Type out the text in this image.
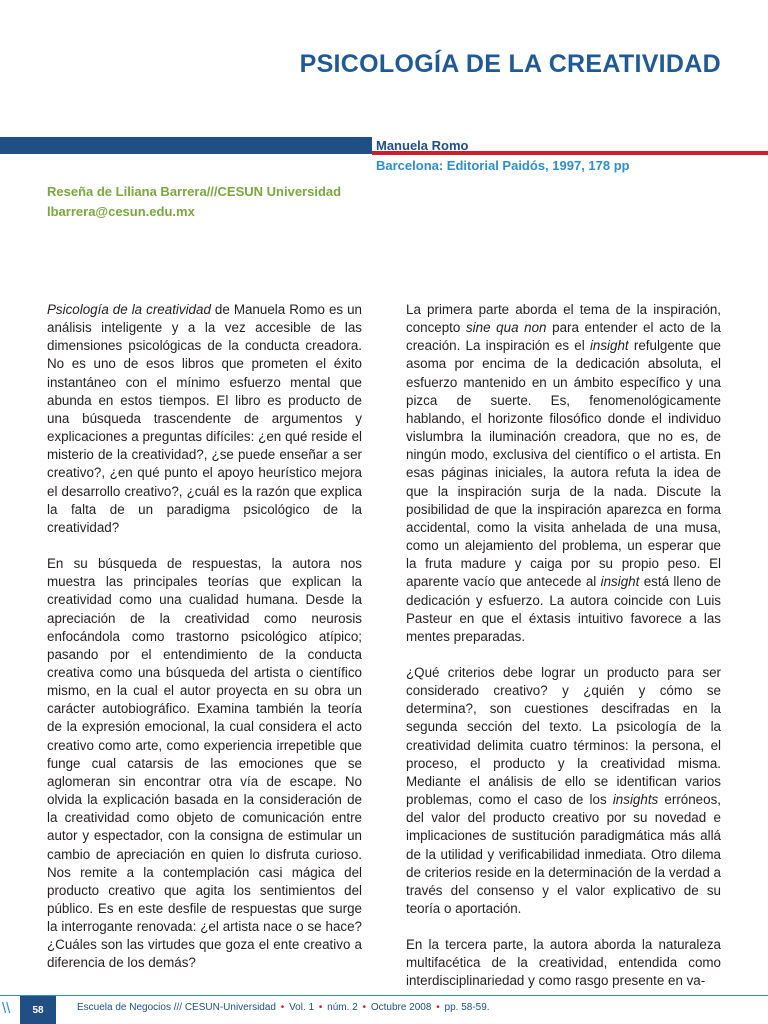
PSICOLOGÍA DE LA CREATIVIDAD

Manuela Romo

Barcelona: Editorial Paidós, 1997, 178 pp

Reseña de Liliana Barrera///CESUN Universidad
lbarrera@cesun.edu.mx

Psicología de la creatividad de Manuela Romo es un análisis inteligente y a la vez accesible de las dimensiones psicológicas de la conducta creadora. No es uno de esos libros que prometen el éxito instantáneo con el mínimo esfuerzo mental que abunda en estos tiempos. El libro es producto de una búsqueda trascendente de argumentos y explicaciones a preguntas difíciles: ¿en qué reside el misterio de la creatividad?, ¿se puede enseñar a ser creativo?, ¿en qué punto el apoyo heurístico mejora el desarrollo creativo?, ¿cuál es la razón que explica la falta de un paradigma psicológico de la creatividad?

En su búsqueda de respuestas, la autora nos muestra las principales teorías que explican la creatividad como una cualidad humana. Desde la apreciación de la creatividad como neurosis enfocándola como trastorno psicológico atípico; pasando por el entendimiento de la conducta creativa como una búsqueda del artista o científico mismo, en la cual el autor proyecta en su obra un carácter autobiográfico. Examina también la teoría de la expresión emocional, la cual considera el acto creativo como arte, como experiencia irrepetible que funge cual catarsis de las emociones que se aglomeran sin encontrar otra vía de escape. No olvida la explicación basada en la consideración de la creatividad como objeto de comunicación entre autor y espectador, con la consigna de estimular un cambio de apreciación en quien lo disfruta curioso. Nos remite a la contemplación casi mágica del producto creativo que agita los sentimientos del público. Es en este desfile de respuestas que surge la interrogante renovada: ¿el artista nace o se hace? ¿Cuáles son las virtudes que goza el ente creativo a diferencia de los demás?

La primera parte aborda el tema de la inspiración, concepto sine qua non para entender el acto de la creación. La inspiración es el insight refulgente que asoma por encima de la dedicación absoluta, el esfuerzo mantenido en un ámbito específico y una pizca de suerte. Es, fenomenológicamente hablando, el horizonte filosófico donde el individuo vislumbra la iluminación creadora, que no es, de ningún modo, exclusiva del científico o el artista. En esas páginas iniciales, la autora refuta la idea de que la inspiración surja de la nada. Discute la posibilidad de que la inspiración aparezca en forma accidental, como la visita anhelada de una musa, como un alejamiento del problema, un esperar que la fruta madure y caiga por su propio peso. El aparente vacío que antecede al insight está lleno de dedicación y esfuerzo. La autora coincide con Luis Pasteur en que el éxtasis intuitivo favorece a las mentes preparadas.

¿Qué criterios debe lograr un producto para ser considerado creativo? y ¿quién y cómo se determina?, son cuestiones descifradas en la segunda sección del texto. La psicología de la creatividad delimita cuatro términos: la persona, el proceso, el producto y la creatividad misma. Mediante el análisis de ello se identifican varios problemas, como el caso de los insights erróneos, del valor del producto creativo por su novedad e implicaciones de sustitución paradigmática más allá de la utilidad y verificabilidad inmediata. Otro dilema de criterios reside en la determinación de la verdad a través del consenso y el valor explicativo de su teoría o aportación.

En la tercera parte, la autora aborda la naturaleza multifacética de la creatividad, entendida como interdisciplinariedad y como rasgo presente en va-

\\	58	Escuela de Negocios /// CESUN-Universidad • Vol. 1 • núm. 2 • Octubre 2008 • pp. 58-59.
